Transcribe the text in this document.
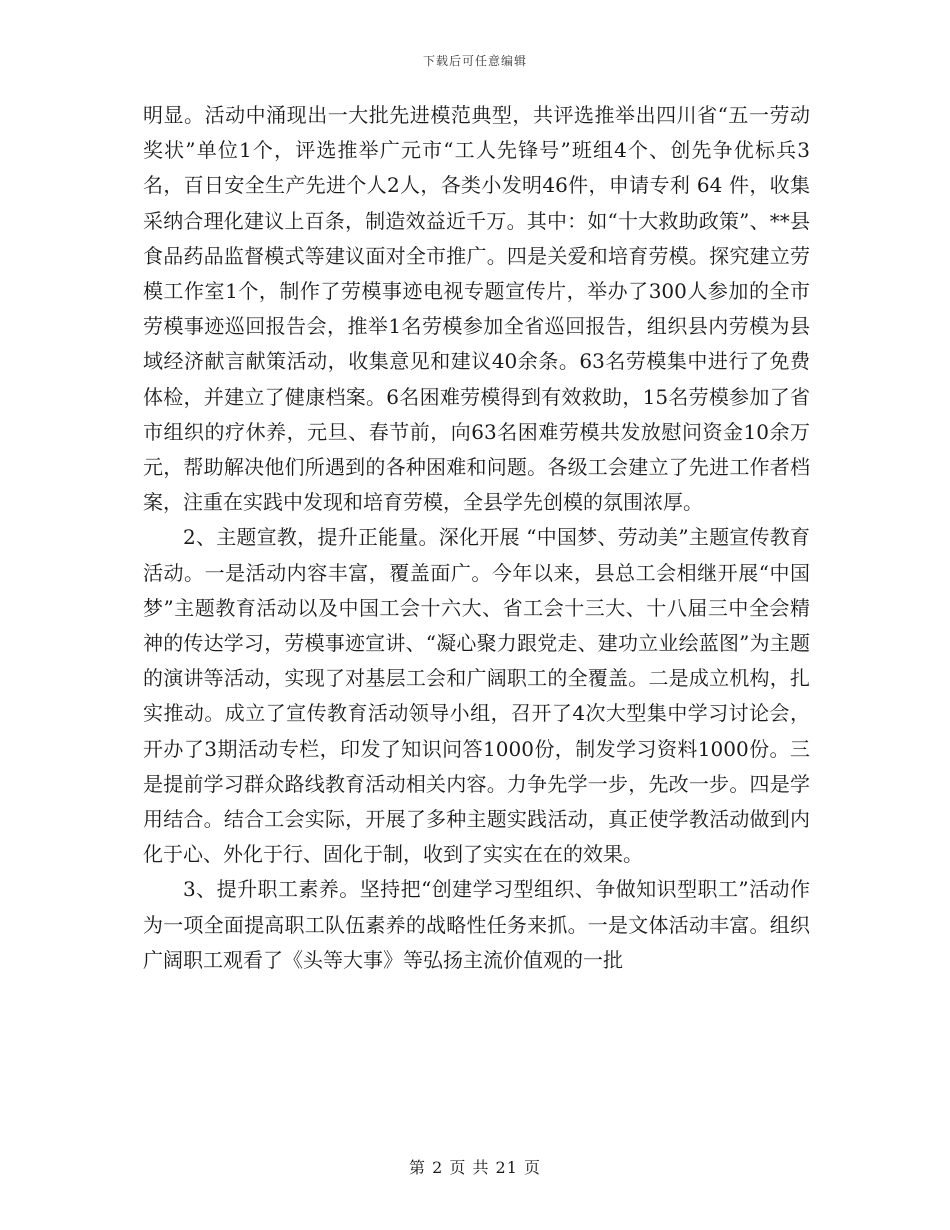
下载后可任意编辑

明显。活动中涌现出一大批先进模范典型，共评选推举出四川省“五一劳动奖状”单位1个，评选推举广元市“工人先锋号”班组4个、创先争优标兵3名，百日安全生产先进个人2人，各类小发明46件，申请专利 64 件，收集采纳合理化建议上百条，制造效益近千万。其中：如“十大救助政策”、**县食品药品监督模式等建议面对全市推广。四是关爱和培育劳模。探究建立劳模工作室1个，制作了劳模事迹电视专题宣传片，举办了300人参加的全市劳模事迹巡回报告会，推举1名劳模参加全省巡回报告，组织县内劳模为县域经济献言献策活动，收集意见和建议40余条。63名劳模集中进行了免费体检，并建立了健康档案。6名困难劳模得到有效救助，15名劳模参加了省市组织的疗休养，元旦、春节前，向63名困难劳模共发放慰问资金10余万元，帮助解决他们所遇到的各种困难和问题。各级工会建立了先进工作者档案，注重在实践中发现和培育劳模，全县学先创模的氛围浓厚。

2、主题宣教，提升正能量。深化开展 “中国梦、劳动美”主题宣传教育活动。一是活动内容丰富，覆盖面广。今年以来，县总工会相继开展“中国梦”主题教育活动以及中国工会十六大、省工会十三大、十八届三中全会精神的传达学习，劳模事迹宣讲、“凝心聚力跟党走、建功立业绘蓝图”为主题的演讲等活动，实现了对基层工会和广阔职工的全覆盖。二是成立机构，扎实推动。成立了宣传教育活动领导小组，召开了4次大型集中学习讨论会，开办了3期活动专栏，印发了知识问答1000份，制发学习资料1000份。三是提前学习群众路线教育活动相关内容。力争先学一步，先改一步。四是学用结合。结合工会实际，开展了多种主题实践活动，真正使学教活动做到内化于心、外化于行、固化于制，收到了实实在在的效果。

3、提升职工素养。坚持把“创建学习型组织、争做知识型职工”活动作为一项全面提高职工队伍素养的战略性任务来抓。一是文体活动丰富。组织广阔职工观看了《头等大事》等弘扬主流价值观的一批

第 2 页 共 21 页
